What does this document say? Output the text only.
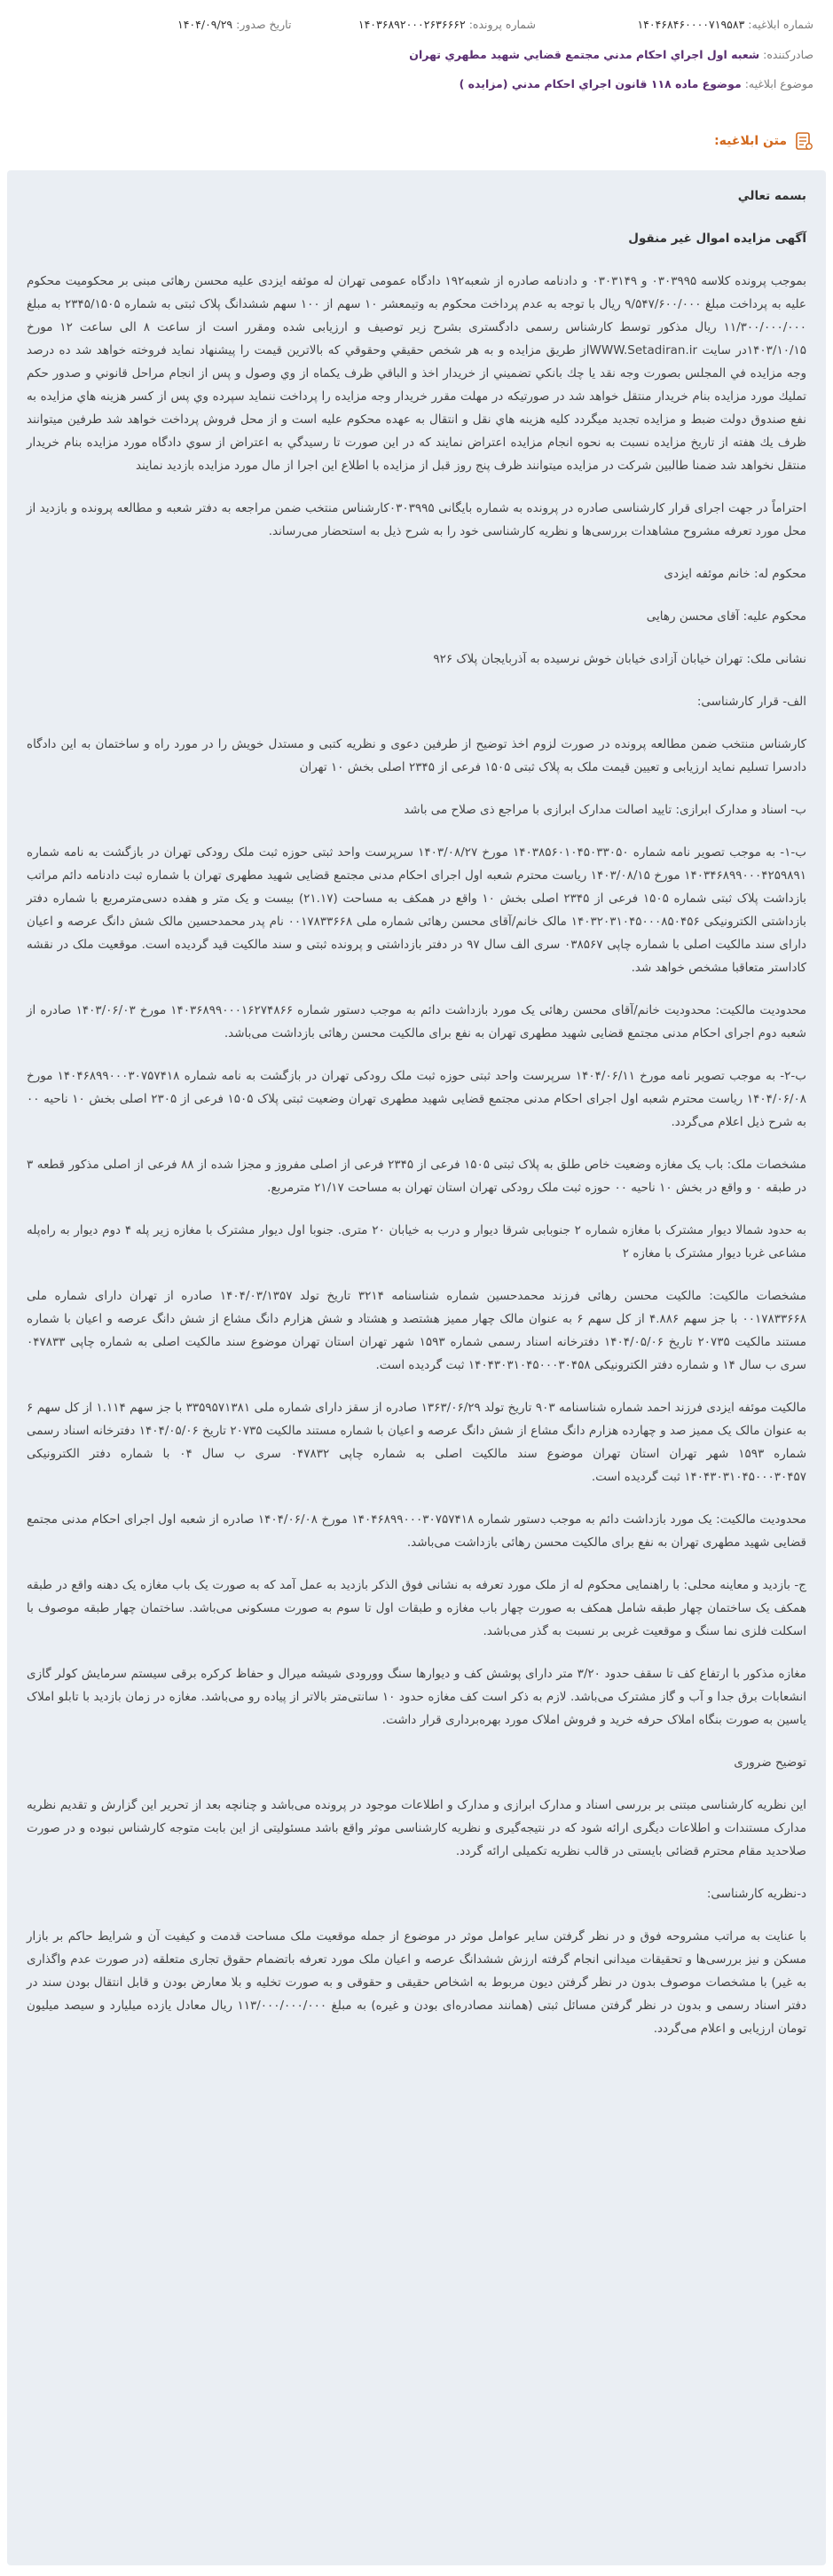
شماره ابلاغیه: ۱۴۰۴۶۸۴۶۰۰۰۰۷۱۹۵۸۳
شماره پرونده: ۱۴۰۳۶۸۹۲۰۰۰۲۶۳۶۶۶۲
تاریخ صدور: ۱۴۰۴/۰۹/۲۹
صادرکننده: شعبه اول اجراي احكام مدني مجتمع قضايي شهيد مطهري تهران
موضوع ابلاغیه: موضوع ماده ۱۱۸ قانون اجراي احكام مدني (مزايده )
متن ابلاغیه:

بسمه تعالي

آگهی مزایده اموال غیر منقول

بموجب پرونده كلاسه ۰۳۰۳۹۹۵ و ۰۳۰۳۱۴۹ و دادنامه صادره از شعبه۱۹۲ دادگاه عمومی تهران له موئفه ایزدی علیه محسن رهائی مبنی بر محکومیت محکوم علیه به پرداخت مبلغ ۹/۵۴۷/۶۰۰/۰۰۰ ریال با توجه به عدم پرداخت محکوم به وتیمعشر ۱۰ سهم از ۱۰۰ سهم ششدانگ پلاک ثبتی به شماره ۲۳۴۵/۱۵۰۵ به مبلغ ۱۱/۳۰۰/۰۰۰/۰۰۰ ریال مذکور توسط کارشناس رسمی دادگستری بشرح زیر توصیف و ارزیابی شده ومقرر است از ساعت ۸ الی ساعت ۱۲ مورخ ۱۴۰۳/۱۰/۱۵در سايت WWW.Setadiran.irاز طريق مزايده و به هر شخص حقيقي وحقوقي كه بالاترين قيمت را پيشنهاد نمايد فروخته خواهد شد ده درصد وجه مزايده في المجلس بصورت وجه نقد يا چك بانكي تضميني از خريدار اخذ و الباقي ظرف يكماه از وي وصول و پس از انجام مراحل قانوني و صدور حكم تمليك مورد مزايده بنام خريدار منتقل خواهد شد در صورتيكه در مهلت مقرر خريدار وجه مزايده را پرداخت ننمايد سپرده وي پس از كسر هزينه هاي مزايده به نفع صندوق دولت ضبط و مزايده تجديد ميگردد كليه هزينه هاي نقل و انتقال به عهده محكوم عليه است و از محل فروش پرداخت خواهد شد طرفين ميتوانند ظرف يك هفته از تاريخ مزايده نسبت به نحوه انجام مزايده اعتراض نمايند كه در اين صورت تا رسيدگي به اعتراض از سوي دادگاه مورد مزايده بنام خريدار منتقل نخواهد شد ضمنا طالبين شركت در مزايده ميتوانند ظرف پنج روز قبل از مزايده با اطلاع اين اجرا از مال مورد مزايده بازديد نمايند

احتراماً در جهت اجرای قرار کارشناسی صادره در پرونده به شماره بایگانی ۰۳۰۳۹۹۵کارشناس منتخب ضمن مراجعه به دفتر شعبه و مطالعه پرونده و بازدید از محل مورد تعرفه مشروح مشاهدات بررسی‌ها و نظریه کارشناسی خود را به شرح ذیل به استحضار می‌رساند.

محکوم له: خانم موئفه ایزدی

محکوم علیه: آقای محسن رهایی

نشانی ملک: تهران خیابان آزادی خیابان خوش نرسیده به آذربایجان پلاک ۹۲۶

الف- قرار کارشناسی:

کارشناس منتخب ضمن مطالعه پرونده در صورت لزوم اخذ توضیح از طرفین دعوی و نظریه کتبی و مستدل خویش را در مورد راه و ساختمان به این دادگاه دادسرا تسلیم نماید ارزیابی و تعیین قیمت ملک به پلاک ثبتی ۱۵۰۵ فرعی از ۲۳۴۵ اصلی بخش ۱۰ تهران

ب- اسناد و مدارک ابرازی: تایید اصالت مدارک ابرازی با مراجع ذی صلاح می باشد

ب-۱- به موجب تصویر نامه شماره ۱۴۰۳۸۵۶۰۱۰۴۵۰۳۳۰۵۰ مورخ ۱۴۰۳/۰۸/۲۷ سرپرست واحد ثبتی حوزه ثبت ملک رودکی تهران در بازگشت به نامه شماره ۱۴۰۳۴۶۸۹۹۰۰۰۴۲۵۹۸۹۱ مورخ ۱۴۰۳/۰۸/۱۵ ریاست محترم شعبه اول اجرای احکام مدنی مجتمع قضایی شهید مطهری تهران با شماره ثبت دادنامه دائم مراتب بازداشت پلاک ثبتی شماره ۱۵۰۵ فرعی از ۲۳۴۵ اصلی بخش ۱۰ واقع در همکف به مساحت (۲۱.۱۷) بیست و یک متر و هفده دسی‌مترمربع با شماره دفتر بازداشتی الکترونیکی ۱۴۰۳۲۰۳۱۰۴۵۰۰۰۸۵۰۴۵۶ مالک خانم/آقای محسن رهائی شماره ملی ۰۰۱۷۸۳۳۶۶۸ نام پدر محمدحسین مالک شش دانگ عرصه و اعیان دارای سند مالکیت اصلی با شماره چاپی ۰۳۸۵۶۷ سری الف سال ۹۷ در دفتر بازداشتی و پرونده ثبتی و سند مالکیت قید گردیده است. موقعیت ملک در نقشه کاداستر متعاقبا مشخص خواهد شد.

محدودیت مالکیت: محدودیت خانم/آقای محسن رهائی یک مورد بازداشت دائم به موجب دستور شماره ۱۴۰۳۶۸۹۹۰۰۰۱۶۲۷۴۸۶۶ مورخ ۱۴۰۳/۰۶/۰۳ صادره از شعبه دوم اجرای احکام مدنی مجتمع قضایی شهید مطهری تهران به نفع برای مالکیت محسن رهائی بازداشت می‌باشد.

ب-۲- به موجب تصویر نامه مورخ ۱۴۰۴/۰۶/۱۱ سرپرست واحد ثبتی حوزه ثبت ملک رودکی تهران در بازگشت به نامه شماره ۱۴۰۴۶۸۹۹۰۰۰۳۰۷۵۷۴۱۸ مورخ ۱۴۰۴/۰۶/۰۸ ریاست محترم شعبه اول اجرای احکام مدنی مجتمع قضایی شهید مطهری تهران وضعیت ثبتی پلاک ۱۵۰۵ فرعی از ۲۳۰۵ اصلی بخش ۱۰ ناحیه ۰۰ به شرح ذیل اعلام می‌گردد.

مشخصات ملک: باب یک مغازه وضعیت خاص طلق به پلاک ثبتی ۱۵۰۵ فرعی از ۲۳۴۵ فرعی از اصلی مفروز و مجزا شده از ۸۸ فرعی از اصلی مذکور قطعه ۳ در طبقه ۰ و واقع در بخش ۱۰ ناحیه ۰۰ حوزه ثبت ملک رودکی تهران استان تهران به مساحت ۲۱/۱۷ مترمربع.

به حدود شمالا دیوار مشترک با مغازه شماره ۲ جنوبا‌بی شرقا دیوار و درب به خیابان ۲۰ متری. جنوبا اول دیوار مشترک با مغازه زیر پله ۴ دوم دیوار به راه‌پله مشاعی غربا دیوار مشترک با مغازه ۲

مشخصات مالکیت: مالکیت محسن رهائی فرزند محمدحسین شماره شناسنامه ۳۲۱۴ تاریخ تولد ۱۴۰۴/۰۳/۱۳۵۷ صادره از تهران دارای شماره ملی ۰۰۱۷۸۳۳۶۶۸ با جز سهم ۴.۸۸۶ از کل سهم ۶ به عنوان مالک چهار ممیز هشتصد و هشتاد و شش هزارم دانگ مشاع از شش دانگ عرصه و اعیان با شماره مستند مالکیت ۲۰۷۳۵ تاریخ ۱۴۰۴/۰۵/۰۶ دفترخانه اسناد رسمی شماره ۱۵۹۳ شهر تهران استان تهران موضوع سند مالکیت اصلی به شماره چاپی ۰۴۷۸۳۳ سری ب سال ۱۴ و شماره دفتر الکترونیکی ۱۴۰۴۳۰۳۱۰۴۵۰۰۰۳۰۴۵۸ ثبت گردیده است.

مالکیت موئفه ایزدی فرزند احمد شماره شناسنامه ۹۰۳ تاریخ تولد ۱۳۶۳/۰۶/۲۹ صادره از سقز دارای شماره ملی ۳۳۵۹۵۷۱۳۸۱ با جز سهم ۱.۱۱۴ از کل سهم ۶ به عنوان مالک یک ممیز صد و چهارده هزارم دانگ مشاع از شش دانگ عرصه و اعیان با شماره مستند مالکیت ۲۰۷۳۵ تاریخ ۱۴۰۴/۰۵/۰۶ دفترخانه اسناد رسمی شماره ۱۵۹۳ شهر تهران استان تهران موضوع سند مالکیت اصلی به شماره چاپی ۰۴۷۸۳۲ سری ب سال ۰۴ با شماره دفتر الکترونیکی ۱۴۰۴۳۰۳۱۰۴۵۰۰۰۳۰۴۵۷ ثبت گردیده است.

محدودیت مالکیت: یک مورد بازداشت دائم به موجب دستور شماره ۱۴۰۴۶۸۹۹۰۰۰۳۰۷۵۷۴۱۸ مورخ ۱۴۰۴/۰۶/۰۸ صادره از شعبه اول اجرای احکام مدنی مجتمع قضایی شهید مطهری تهران به نفع برای مالکیت محسن رهائی بازداشت می‌باشد.

ج- بازدید و معاینه محلی: با راهنمایی محکوم له از ملک مورد تعرفه به نشانی فوق الذکر بازدید به عمل آمد که به صورت یک باب مغازه یک دهنه واقع در طبقه همکف یک ساختمان چهار طبقه شامل همکف به صورت چهار باب مغازه و طبقات اول تا سوم به صورت مسکونی می‌باشد. ساختمان چهار طبقه موصوف با اسکلت فلزی نما سنگ و موقعیت غربی بر نسبت به گذر می‌باشد.

مغازه مذکور با ارتفاع کف تا سقف حدود ۳/۲۰ متر دارای پوشش کف و دیوارها سنگ وورودی شیشه میرال و حفاظ کرکره برقی سیستم سرمایش کولر گازی انشعابات برق جدا و آب و گاز مشترک می‌باشد. لازم به ذکر است کف مغازه حدود ۱۰ سانتی‌متر بالاتر از پیاده رو می‌باشد. مغازه در زمان بازدید با تابلو املاک یاسین به صورت بنگاه املاک حرفه خرید و فروش املاک مورد بهره‌برداری قرار داشت.

توضیح ضروری

این نظریه کارشناسی مبتنی بر بررسی اسناد و مدارک ابرازی و مدارک و اطلاعات موجود در پرونده می‌باشد و چنانچه بعد از تحریر این گزارش و تقدیم نظریه مدارک مستندات و اطلاعات دیگری ارائه شود که در نتیجه‌گیری و نظریه کارشناسی موثر واقع باشد مسئولیتی از این بابت متوجه کارشناس نبوده و در صورت صلاحدید مقام محترم قضائی بایستی در قالب نظریه تکمیلی ارائه گردد.

د-نظریه کارشناسی:

با عنایت به مراتب مشروحه فوق و در نظر گرفتن سایر عوامل موثر در موضوع از جمله موقعیت ملک مساحت قدمت و کیفیت آن و شرایط حاکم بر بازار مسکن و نیز بررسی‌ها و تحقیقات میدانی انجام گرفته ارزش ششدانگ عرصه و اعیان ملک مورد تعرفه باتضمام حقوق تجاری متعلقه (در صورت عدم واگذاری به غیر) با مشخصات موصوف بدون در نظر گرفتن دیون مربوط به اشخاص حقیقی و حقوقی و به صورت تخلیه و بلا معارض بودن و قابل انتقال بودن سند در دفتر اسناد رسمی و بدون در نظر گرفتن مسائل ثبتی (همانند مصادره‌ای بودن و غیره) به مبلغ ۱۱۳/۰۰۰/۰۰۰/۰۰۰ ریال معادل یازده میلیارد و سیصد میلیون تومان ارزیابی و اعلام می‌گردد.
